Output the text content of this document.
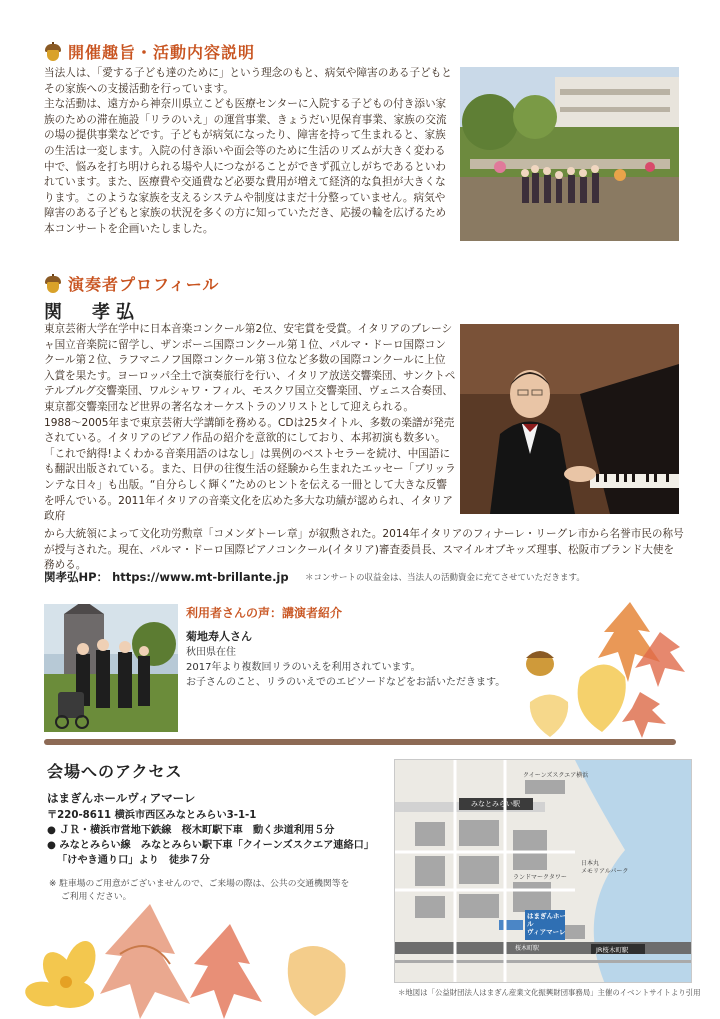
開催趣旨・活動内容説明

当法人は、「愛する子ども達のために」という理念のもと、病気や障害のある子どもとその家族への支援活動を行っています。

主な活動は、遠方から神奈川県立こども医療センターに入院する子どもの付き添い家族のための滞在施設「リラのいえ」の運営事業、きょうだい児保育事業、家族の交流の場の提供事業などです。子どもが病気になったり、障害を持って生まれると、家族の生活は一変します。入院の付き添いや面会等のために生活のリズムが大きく変わる中で、悩みを打ち明けられる場や人につながることができず孤立しがちであるといわれています。また、医療費や交通費など必要な費用が増えて経済的な負担が大きくなります。このような家族を支えるシステムや制度はまだ十分整っていません。病気や障害のある子どもと家族の状況を多くの方に知っていただき、応援の輪を広げるため本コンサートを企画いたしました。

演奏者プロフィール
関　孝弘

東京芸術大学在学中に日本音楽コンクール第2位、安宅賞を受賞。イタリアのブレーシャ国立音楽院に留学し、ザンボーニ国際コンクール第１位、パルマ・ドーロ国際コンクール第２位、ラフマニノフ国際コンクール第３位など多数の国際コンクールに上位入賞を果たす。ヨーロッパ全土で演奏旅行を行い、イタリア放送交響楽団、サンクトペテルブルグ交響楽団、ワルシャワ・フィル、モスクワ国立交響楽団、ヴェニス合奏団、東京都交響楽団など世界の著名なオーケストラのソリストとして迎えられる。

1988～2005年まで東京芸術大学講師を務める。CDは25タイトル、多数の楽譜が発売されている。イタリアのピアノ作品の紹介を意欲的にしており、本邦初演も数多い。「これで納得!よくわかる音楽用語のはなし」は異例のベストセラーを続け、中国語にも翻訳出版されている。また、日伊の往復生活の経験から生まれたエッセー「ブリッランテな日々」も出版。“自分らしく輝く”ためのヒントを伝える一冊として大きな反響を呼んでいる。2011年イタリアの音楽文化を広めた多大な功績が認められ、イタリア政府

から大統領によって文化功労勲章「コメンダトーレ章」が叙勲された。2014年イタリアのフィナーレ・リーグレ市から名誉市民の称号が授与された。現在、パルマ・ドーロ国際ピアノコンクール(イタリア)審査委員長、スマイルオブキッズ理事、松阪市ブランド大使を務める。

関孝弘HP： https://www.mt-brillante.jp ＊コンサートの収益金は、当法人の活動資金に充てさせていただきます。
利用者さんの声：講演者紹介
菊地寿人さん
秋田県在住
2017年より複数回リラのいえを利用されています。
お子さんのこと、リラのいえでのエピソードなどをお話いただきます。
会場へのアクセス
はまぎんホールヴィアマーレ
〒220-8611 横浜市西区みなとみらい3-1-1
● ＪＲ・横浜市営地下鉄線　桜木町駅下車　動く歩道利用５分
● みなとみらい線　みなとみらい駅下車「クイーンズスクエア連絡口」
「けやき通り口」より　徒歩７分
※ 駐車場のご用意がございませんので、ご来場の際は、公共の交通機関等を
ご利用ください。
みなとみらい駅
クイーンズスクエア横浜
ランドマークタワー
日本丸
メモリアルパーク
はまぎんホール
ヴィアマーレ
JR桜木町駅
桜木町駅
＊地図は「公益財団法人はまぎん産業文化振興財団事務局」主催のイベントサイトより引用
